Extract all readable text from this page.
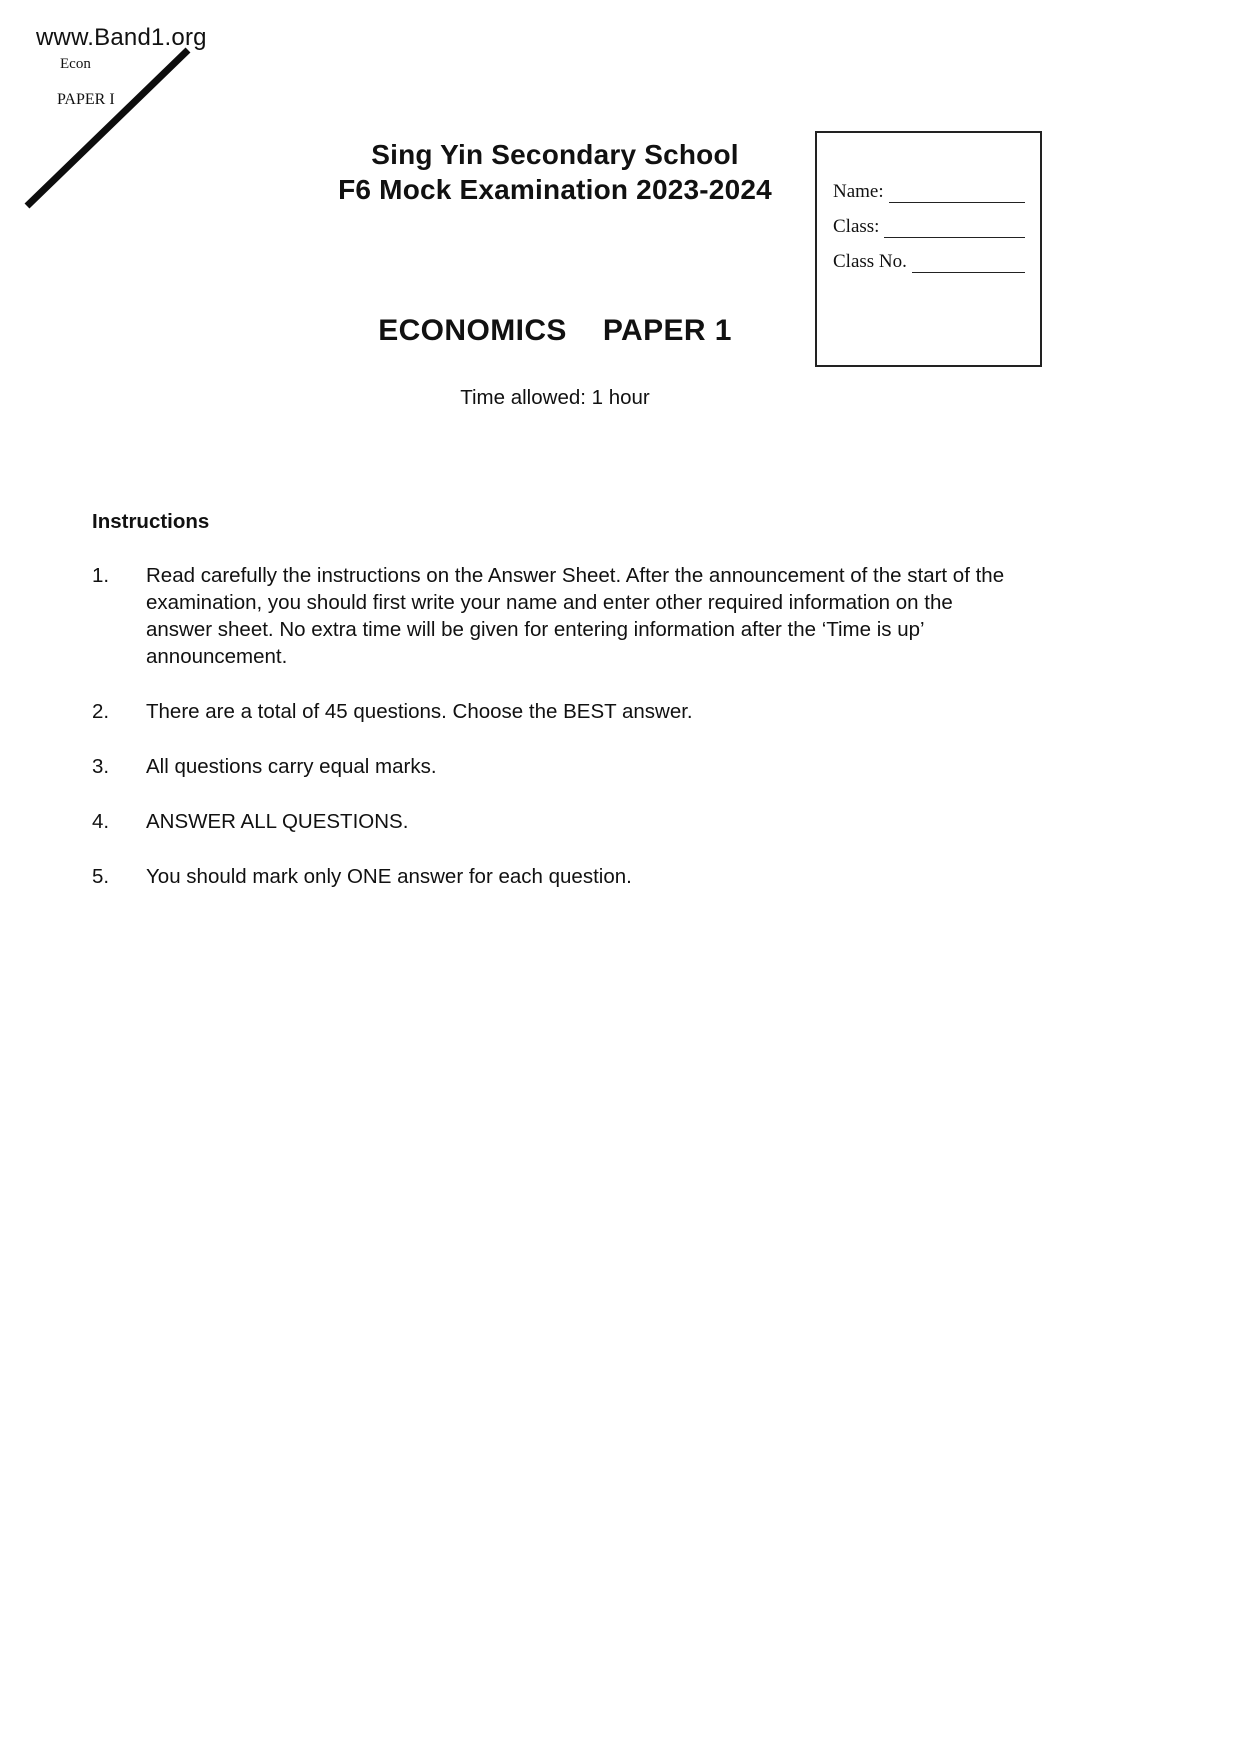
www.Band1.org
Econ
PAPER I
Sing Yin Secondary School
F6 Mock Examination 2023-2024	Name:
Class:
Class No.
ECONOMICS PAPER 1
Time allowed: 1 hour
Instructions
1.	Read carefully the instructions on the Answer Sheet. After the announcement of the start of the examination, you should first write your name and enter other required information on the answer sheet. No extra time will be given for entering information after the ‘Time is up’ announcement.
2.	There are a total of 45 questions. Choose the BEST answer.
3.	All questions carry equal marks.
4.	ANSWER ALL QUESTIONS.
5.	You should mark only ONE answer for each question.
